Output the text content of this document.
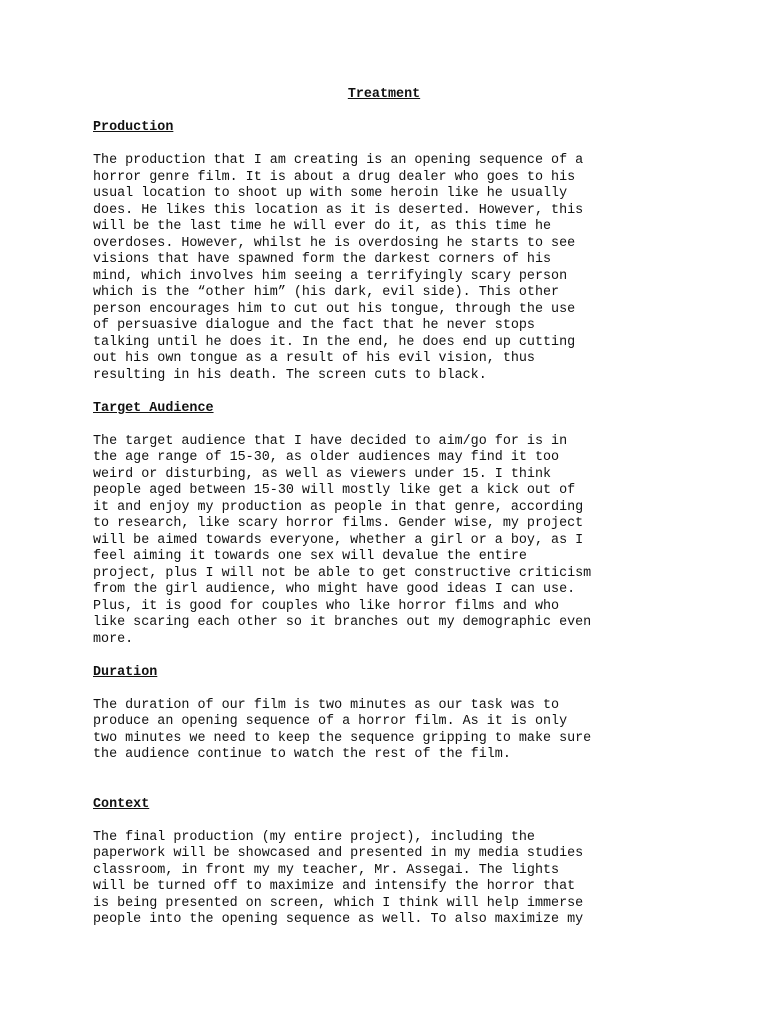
Treatment
Production
The production that I am creating is an opening sequence of a
horror genre film. It is about a drug dealer who goes to his
usual location to shoot up with some heroin like he usually
does. He likes this location as it is deserted. However, this
will be the last time he will ever do it, as this time he
overdoses. However, whilst he is overdosing he starts to see
visions that have spawned form the darkest corners of his
mind, which involves him seeing a terrifyingly scary person
which is the “other him” (his dark, evil side). This other
person encourages him to cut out his tongue, through the use
of persuasive dialogue and the fact that he never stops
talking until he does it. In the end, he does end up cutting
out his own tongue as a result of his evil vision, thus
resulting in his death. The screen cuts to black.
Target Audience
The target audience that I have decided to aim/go for is in
the age range of 15-30, as older audiences may find it too
weird or disturbing, as well as viewers under 15. I think
people aged between 15-30 will mostly like get a kick out of
it and enjoy my production as people in that genre, according
to research, like scary horror films. Gender wise, my project
will be aimed towards everyone, whether a girl or a boy, as I
feel aiming it towards one sex will devalue the entire
project, plus I will not be able to get constructive criticism
from the girl audience, who might have good ideas I can use.
Plus, it is good for couples who like horror films and who
like scaring each other so it branches out my demographic even
more.
Duration
The duration of our film is two minutes as our task was to
produce an opening sequence of a horror film. As it is only
two minutes we need to keep the sequence gripping to make sure
the audience continue to watch the rest of the film.
Context
The final production (my entire project), including the
paperwork will be showcased and presented in my media studies
classroom, in front my my teacher, Mr. Assegai. The lights
will be turned off to maximize and intensify the horror that
is being presented on screen, which I think will help immerse
people into the opening sequence as well. To also maximize my
